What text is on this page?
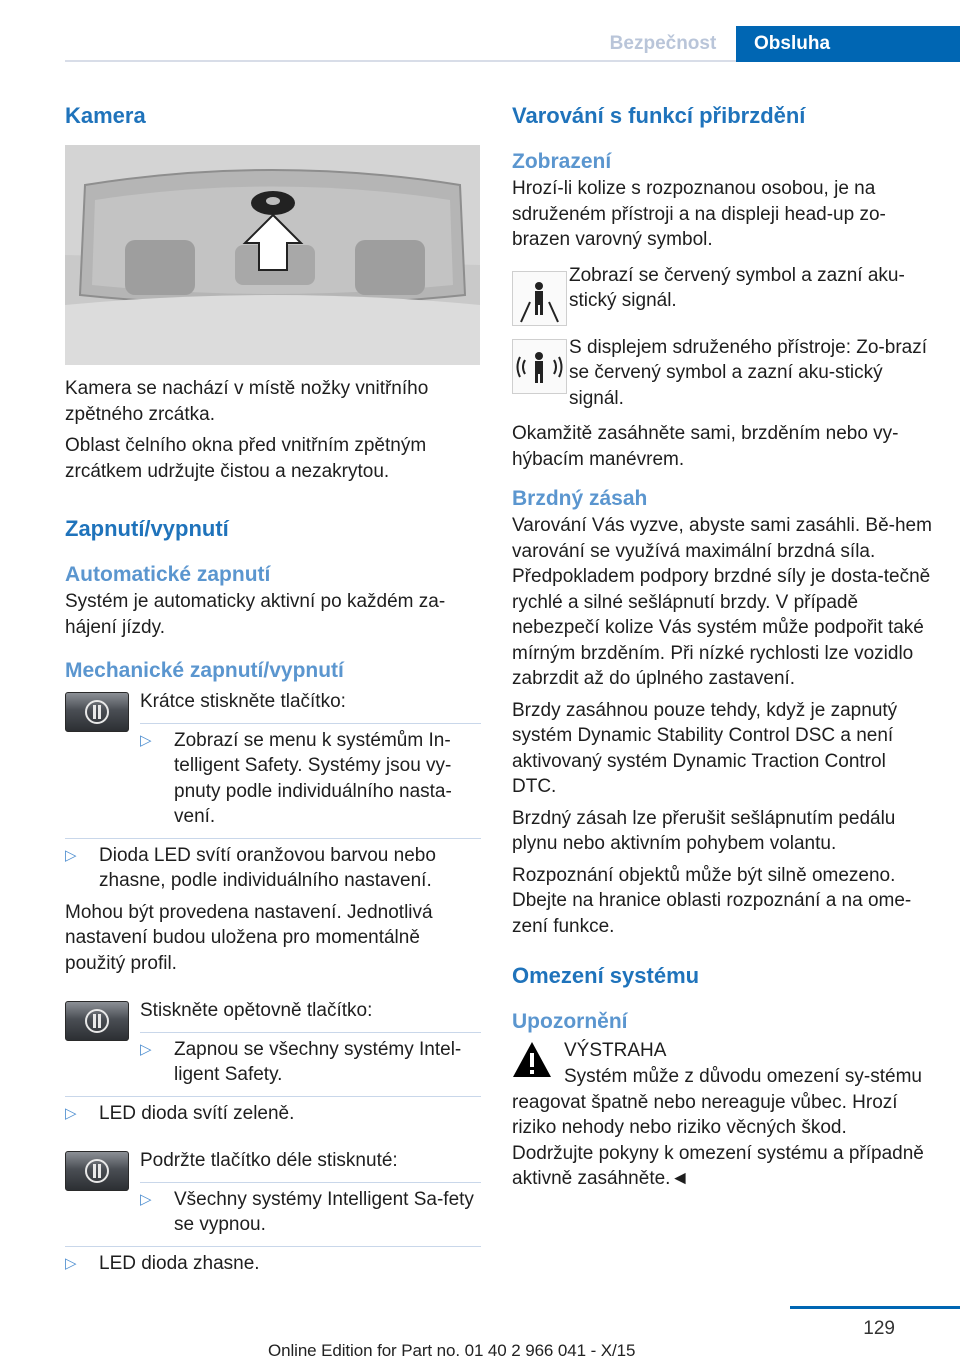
Bezpečnost	Obsluha
Kamera

Kamera se nachází v místě nožky vnitřního zpětného zrcátka.

Oblast čelního okna před vnitřním zpětným zrcátkem udržujte čistou a nezakrytou.

Zapnutí/vypnutí
Automatické zapnutí

Systém je automaticky aktivní po každém za-hájení jízdy.

Mechanické zapnutí/vypnutí

Krátce stiskněte tlačítko:

▷ Zobrazí se menu k systémům In-telligent Safety. Systémy jsou vy-pnuty podle individuálního nasta-vení.
▷ Dioda LED svítí oranžovou barvou nebo zhasne, podle individuálního nastavení.

Mohou být provedena nastavení. Jednotlivá nastavení budou uložena pro momentálně použitý profil.

Stiskněte opětovně tlačítko:

▷ Zapnou se všechny systémy Intel-ligent Safety.
▷ LED dioda svítí zeleně.

Podržte tlačítko déle stisknuté:

▷ Všechny systémy Intelligent Sa-fety se vypnou.
▷ LED dioda zhasne.
Varování s funkcí přibrzdění
Zobrazení

Hrozí-li kolize s rozpoznanou osobou, je na sdruženém přístroji a na displeji head-up zo-brazen varovný symbol.

Zobrazí se červený symbol a zazní aku-stický signál.

S displejem sdruženého přístroje: Zo-brazí se červený symbol a zazní aku-stický signál.

Okamžitě zasáhněte sami, brzděním nebo vy-hýbacím manévrem.

Brzdný zásah

Varování Vás vyzve, abyste sami zasáhli. Bě-hem varování se využívá maximální brzdná síla. Předpokladem podpory brzdné síly je dosta-tečně rychlé a silné sešlápnutí brzdy. V případě nebezpečí kolize Vás systém může podpořit také mírným brzděním. Při nízké rychlosti lze vozidlo zabrzdit až do úplného zastavení.

Brzdy zasáhnou pouze tehdy, když je zapnutý systém Dynamic Stability Control DSC a není aktivovaný systém Dynamic Traction Control DTC.

Brzdný zásah lze přerušit sešlápnutím pedálu plynu nebo aktivním pohybem volantu.

Rozpoznání objektů může být silně omezeno. Dbejte na hranice oblasti rozpoznání a na ome-zení funkce.

Omezení systému
Upozornění

VÝSTRAHA

Systém může z důvodu omezení sy-stému reagovat špatně nebo nereaguje vůbec. Hrozí riziko nehody nebo riziko věcných škod. Dodržujte pokyny k omezení systému a případně aktivně zasáhněte.◄

129
Online Edition for Part no. 01 40 2 966 041 - X/15
